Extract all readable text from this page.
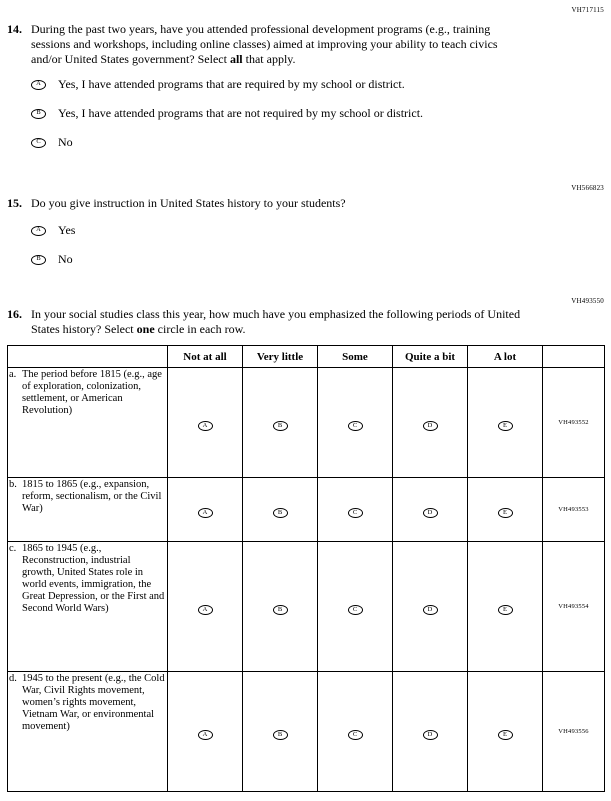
VH717115
14. During the past two years, have you attended professional development programs (e.g., training sessions and workshops, including online classes) aimed at improving your ability to teach civics and/or United States government? Select all that apply.
A	Yes, I have attended programs that are required by my school or district.
B	Yes, I have attended programs that are not required by my school or district.
C	No
VH566823
15. Do you give instruction in United States history to your students?
A	Yes
B	No
VH493550
16. In your social studies class this year, how much have you emphasized the following periods of United States history? Select one circle in each row.
	Not at all	Very little	Some	Quite a bit	A lot	

a. The period before 1815 (e.g., age of exploration, colonization, settlement, or American Revolution)	A	B	C	D	E	VH493552

b. 1815 to 1865 (e.g., expansion, reform, sectionalism, or the Civil War)	A	B	C	D	E	VH493553

c. 1865 to 1945 (e.g., Reconstruction, industrial growth, United States role in world events, immigration, the Great Depression, or the First and Second World Wars)	A	B	C	D	E	VH493554

d. 1945 to the present (e.g., the Cold War, Civil Rights movement, women’s rights movement, Vietnam War, or environmental movement)	A	B	C	D	E	VH493556
